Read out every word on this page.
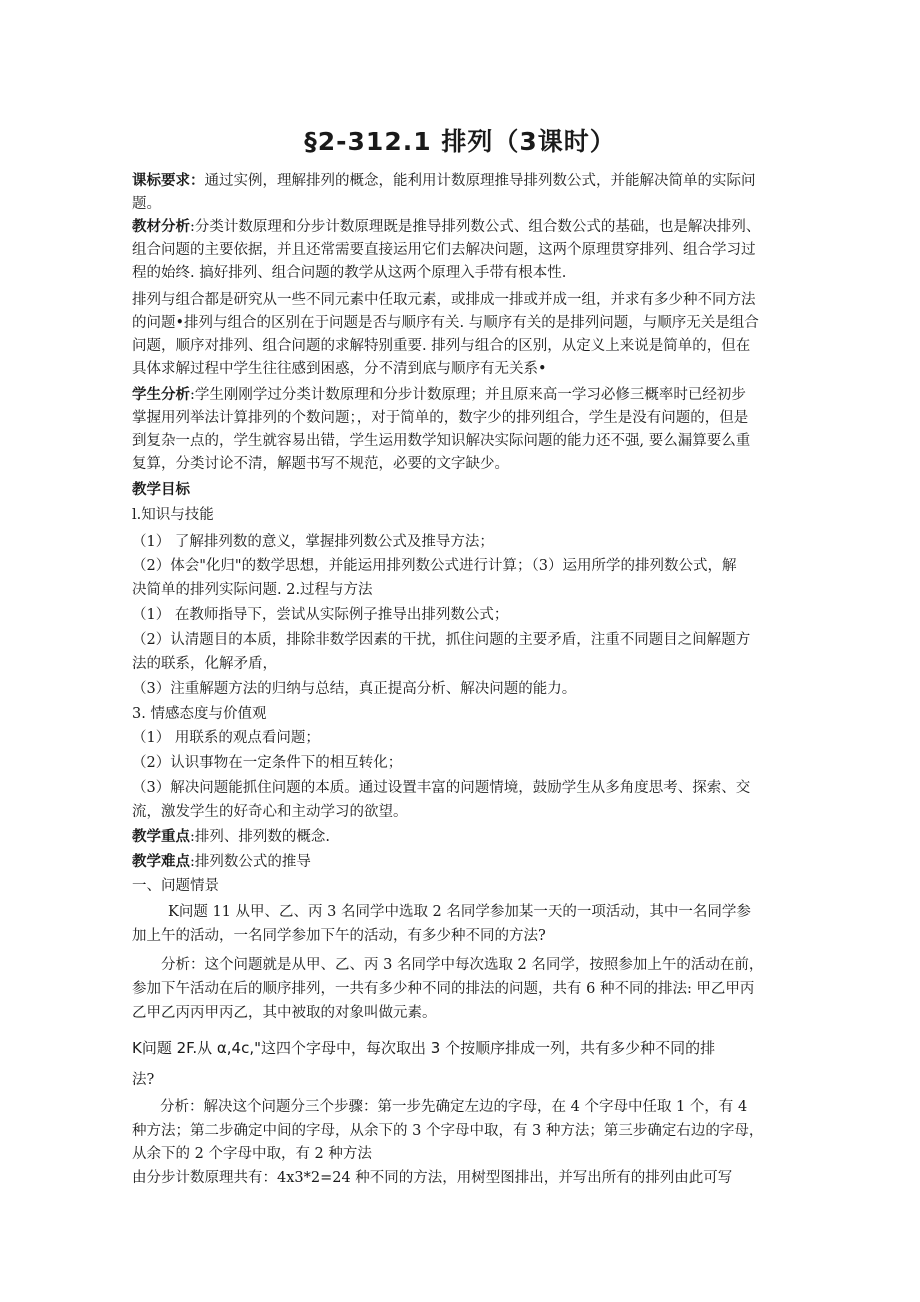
§2-312.1 排列（3课时）
课标要求：通过实例，理解排列的概念，能利用计数原理推导排列数公式，并能解决简单的实际问
题。
教材分析:分类计数原理和分步计数原理既是推导排列数公式、组合数公式的基础，也是解决排列、
组合问题的主要依据，并且还常需要直接运用它们去解决问题，这两个原理贯穿排列、组合学习过
程的始终. 搞好排列、组合问题的教学从这两个原理入手带有根本性.
排列与组合都是研究从一些不同元素中任取元素，或排成一排或并成一组，并求有多少种不同方法
的问题•排列与组合的区别在于问题是否与顺序有关. 与顺序有关的是排列问题，与顺序无关是组合
问题，顺序对排列、组合问题的求解特别重要. 排列与组合的区别，从定义上来说是简单的，但在
具体求解过程中学生往往感到困惑，分不清到底与顺序有无关系•
学生分析:学生刚刚学过分类计数原理和分步计数原理；并且原来高一学习必修三概率时已经初步
掌握用列举法计算排列的个数问题；，对于简单的，数字少的排列组合，学生是没有问题的，但是
到复杂一点的，学生就容易出错，学生运用数学知识解决实际问题的能力还不强, 要么漏算要么重
复算，分类讨论不清，解题书写不规范，必要的文字缺少。
教学目标
l.知识与技能
（1） 了解排列数的意义，掌握排列数公式及推导方法；
（2）体会"化归"的数学思想，并能运用排列数公式进行计算；（3）运用所学的排列数公式，解
决简单的排列实际问题. 2.过程与方法
（1） 在教师指导下，尝试从实际例子推导出排列数公式；
（2）认清题目的本质，排除非数学因素的干扰，抓住问题的主要矛盾，注重不同题目之间解题方
法的联系，化解矛盾，
（3）注重解题方法的归纳与总结，真正提高分析、解决问题的能力。
3. 情感态度与价值观
（1） 用联系的观点看问题；
（2）认识事物在一定条件下的相互转化；
（3）解决问题能抓住问题的本质。通过设置丰富的问题情境，鼓励学生从多角度思考、探索、交
流，激发学生的好奇心和主动学习的欲望。
教学重点:排列、排列数的概念.
教学难点:排列数公式的推导
一、问题情景
K问题 11 从甲、乙、丙 3 名同学中选取 2 名同学参加某一天的一项活动，其中一名同学参
加上午的活动，一名同学参加下午的活动，有多少种不同的方法?
分析：这个问题就是从甲、乙、丙 3 名同学中每次选取 2 名同学，按照参加上午的活动在前，
参加下午活动在后的顺序排列，一共有多少种不同的排法的问题，共有 6 种不同的排法: 甲乙甲丙
乙甲乙丙丙甲丙乙，其中被取的对象叫做元素。
K问题 2F.从 α,4c,"这四个字母中，每次取出 3 个按顺序排成一列，共有多少种不同的排
法?
分析：解决这个问题分三个步骤：第一步先确定左边的字母，在 4 个字母中任取 1 个，有 4
种方法；第二步确定中间的字母，从余下的 3 个字母中取，有 3 种方法；第三步确定右边的字母，
从余下的 2 个字母中取，有 2 种方法
由分步计数原理共有：4x3*2=24 种不同的方法，用树型图排出，并写出所有的排列由此可写
